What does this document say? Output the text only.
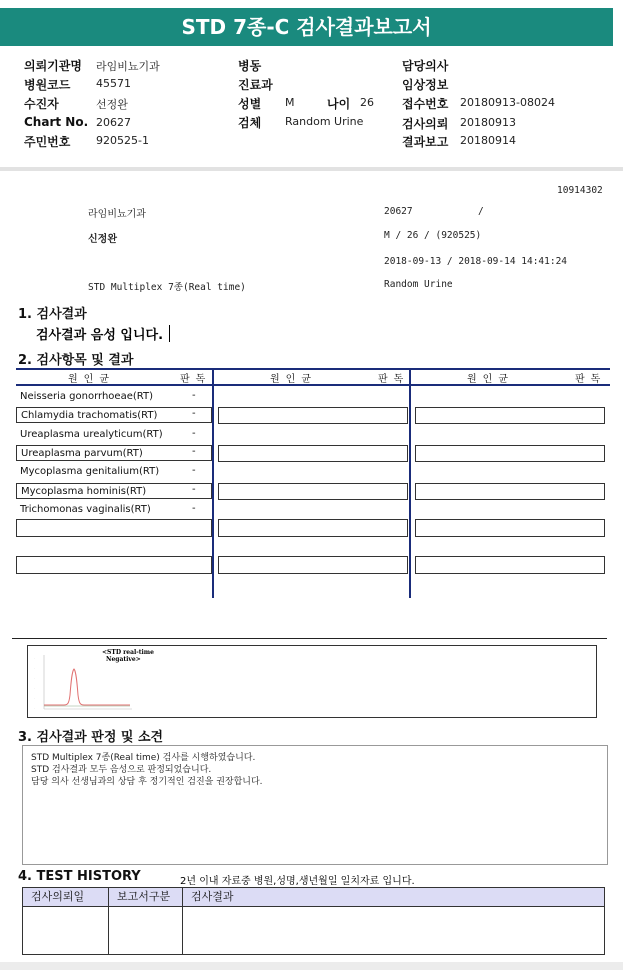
STD 7종-C 검사결과보고서
의뢰기관명 라임비뇨기과
병원코드 45571
수진자	선정완
Chart No. 20627
주민번호 920525-1
병동
진료과
성별 M	나이 26
검체 Random Urine
담당의사
임상정보
접수번호 20180913-08024
검사의뢰 20180913
결과보고 20180914
10914302
라임비뇨기과	20627	/
신정완	M / 26 / (920525)
2018-09-13 / 2018-09-14 14:41:24
STD Multiplex 7종(Real time)	Random Urine
1. 검사결과
검사결과 음성 입니다.
2. 검사항목 및 결과
원인균	판독	원인균	판독	원인균	판독
Neisseria gonorrhoeae(RT)	-
Chlamydia trachomatis(RT)	-
Ureaplasma urealyticum(RT)	-
Ureaplasma parvum(RT)	-
Mycoplasma genitalium(RT)	-
Mycoplasma hominis(RT)	-
Trichomonas vaginalis(RT)	-
·
·
·
·
·
·
<STD real-time
Negative>
3. 검사결과 판정 및 소견
STD Multiplex 7종(Real time) 검사를 시행하였습니다.
STD 검사결과 모두 음성으로 판정되었습니다.
담당 의사 선생님과의 상담 후 정기적인 검진을 권장합니다.
4. TEST HISTORY	2년 이내 자료중 병원,성명,생년월일 일치자료 입니다.
검사의뢰일	보고서구분	검사결과
